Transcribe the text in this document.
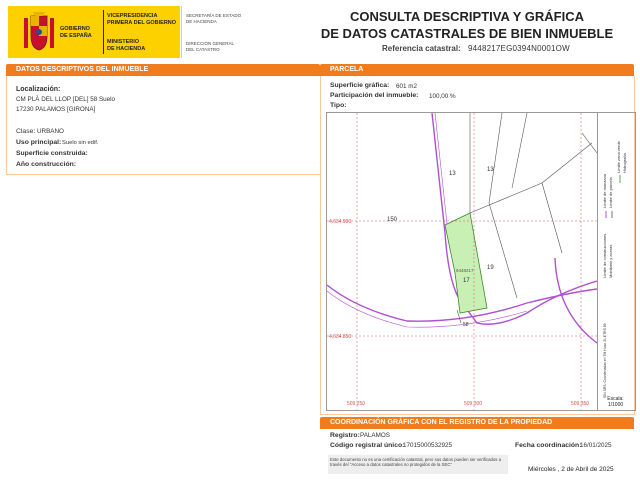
GOBIERNO
DE ESPAÑA
VICEPRESIDENCIA
PRIMERA DEL GOBIERNO
MINISTERIO
DE HACIENDA
SECRETARÍA DE ESTADO
DE HACIENDA
DIRECCIÓN GENERAL
DEL CATASTRO
CONSULTA DESCRIPTIVA Y GRÁFICA
DE DATOS CATASTRALES DE BIEN INMUEBLE
Referencia catastral: 9448217EG0394N0001OW
DATOS DESCRIPTIVOS DEL INMUEBLE
Localización:
CM PLÀ DEL LLOP [DEL] 58 Suelo
17230 PALAMOS [GIRONA]
Clase: URBANO
Uso principal: Suelo sin edif.
Superficie construida:
Año construcción:
PARCELA
Superficie gráfica: 601 m2
Participación del inmueble: 100,00 %
Tipo:
13
13
150
19
17
9448217
58
4.634.900
4.634.850
509.250	509.300	509.350
Límite de manzana Límite de parcela
Límite de construcciones Mobiliario y aceras
Límite zona verde Hidrografía
SIN SRS: Coordenadas en TM Huso 31 ETRS 89
Escala:
1/1000
COORDINACIÓN GRÁFICA CON EL REGISTRO DE LA PROPIEDAD
Registro: PALAMOS
Código registral único:
17015000532925	Fecha coordinación:
16/01/2025
Este documento no es una certificación catastral, pero sus datos pueden ser verificados a través del "Acceso a datos catastrales no protegidos de la SEC"
Miércoles , 2 de Abril de 2025
